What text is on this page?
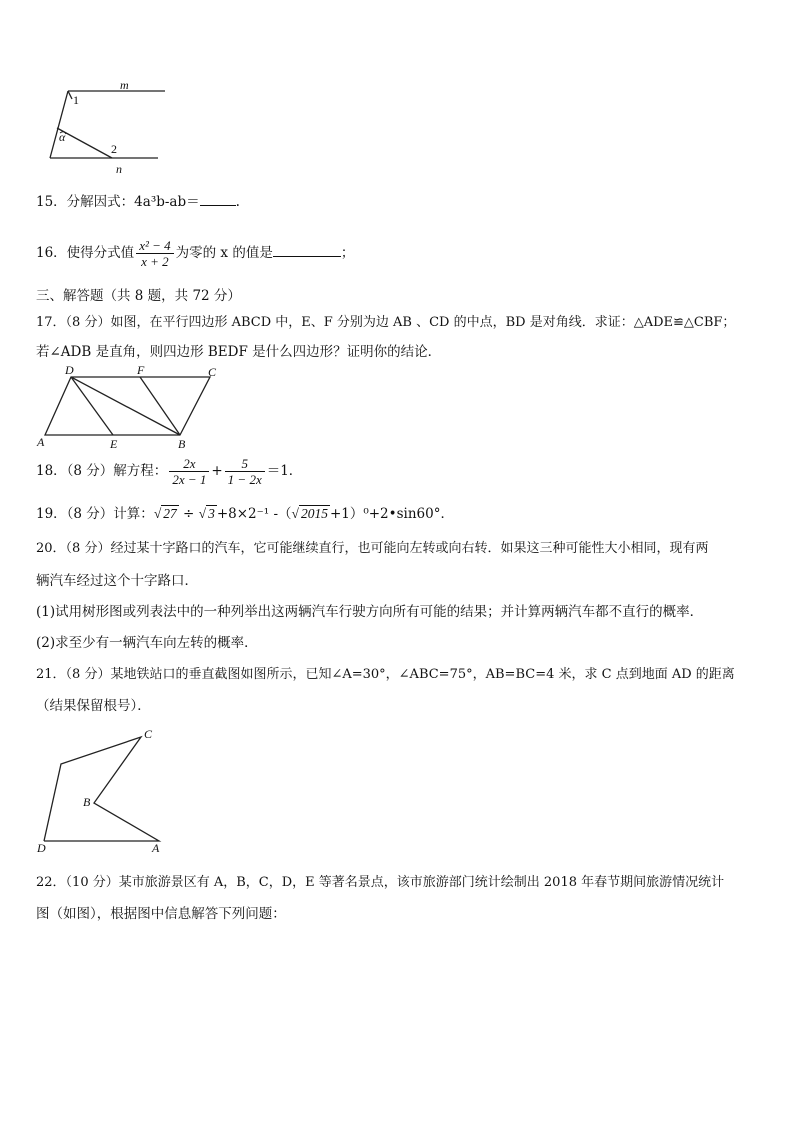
m
n
1
2
α
15．分解因式：4a³b-ab＝	.
16．使得分式值 $\frac{\text{x² − 4}}{x + 2}$ 为零的 x 的值是	；
三、解答题（共 8 题，共 72 分）
17．（8 分）如图，在平行四边形 ABCD 中，E、F 分别为边 AB 、CD 的中点，BD 是对角线．求证：△ADE≌△CBF；
若∠ADB 是直角，则四边形 BEDF 是什么四边形？证明你的结论．
D	F	C
A	E	B
18．（8 分）解方程： $\frac{2x}{2x - 1} + \frac{5}{1 - 2x} =1$．
19．（8 分）计算：√ 27 ÷ √ 3 +8×2⁻¹ -（√ 2015 +1）⁰+2•sin60°．
20．（8 分）经过某十字路口的汽车，它可能继续直行，也可能向左转或向右转．如果这三种可能性大小相同，现有两
辆汽车经过这个十字路口．
(1)试用树形图或列表法中的一种列举出这两辆汽车行驶方向所有可能的结果；并计算两辆汽车都不直行的概率．
(2)求至少有一辆汽车向左转的概率．
21．（8 分）某地铁站口的垂直截图如图所示，已知∠A=30°，∠ABC=75°，AB=BC=4 米，求 C 点到地面 AD 的距离
（结果保留根号）．
C
B
D	A
22．（10 分）某市旅游景区有 A，B，C，D，E 等著名景点，该市旅游部门统计绘制出 2018 年春节期间旅游情况统计
图（如图），根据图中信息解答下列问题：
